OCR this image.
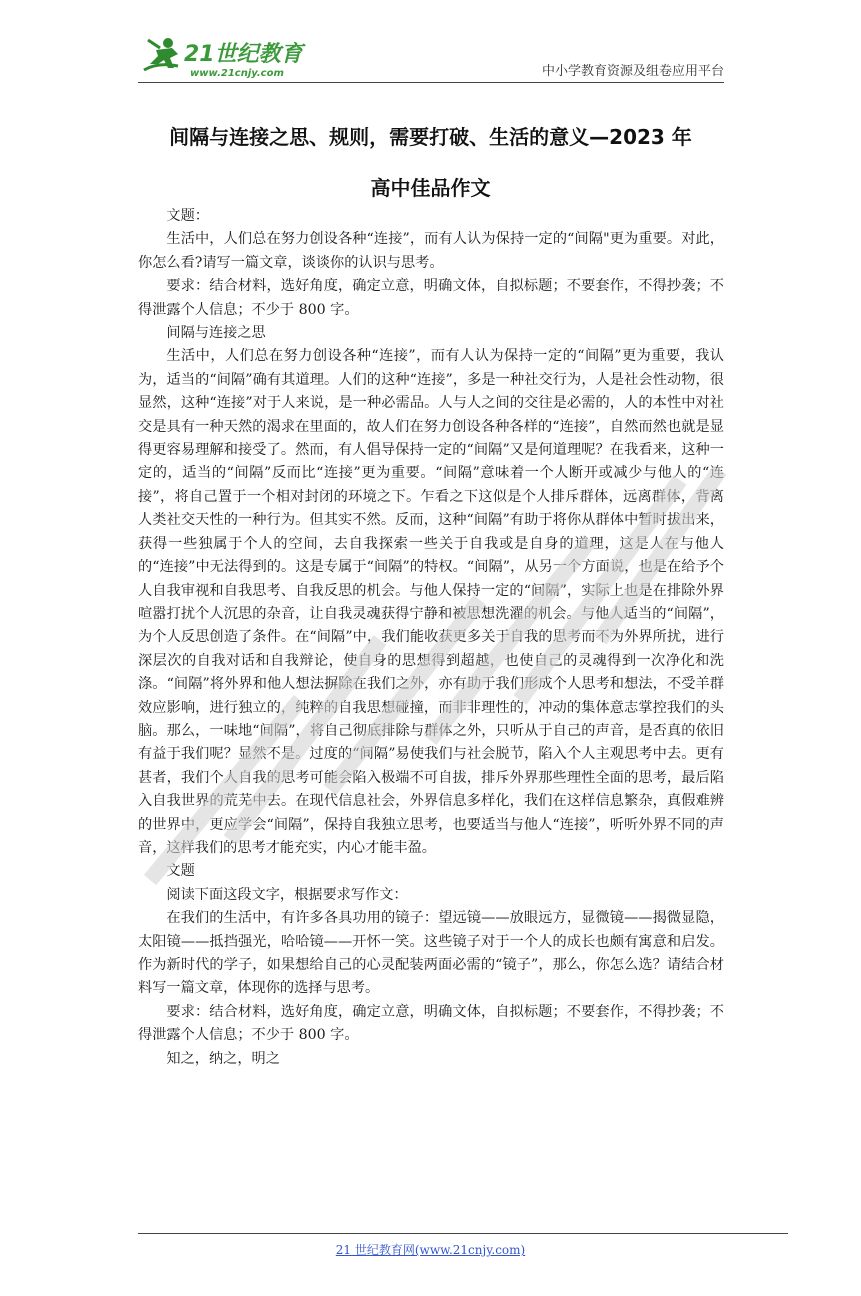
21世纪教育
www.21cnjy.com	中小学教育资源及组卷应用平台
间隔与连接之思、规则，需要打破、生活的意义—2023 年
高中佳品作文

文题：

生活中，人们总在努力创设各种“连接”，而有人认为保持一定的“间隔"更为重要。对此，你怎么看?请写一篇文章，谈谈你的认识与思考。

要求：结合材料，选好角度，确定立意，明确文体，自拟标题；不要套作，不得抄袭；不得泄露个人信息；不少于 800 字。

间隔与连接之思

生活中，人们总在努力创设各种“连接”，而有人认为保持一定的“间隔”更为重要，我认为，适当的“间隔”确有其道理。人们的这种“连接”，多是一种社交行为，人是社会性动物，很显然，这种“连接”对于人来说，是一种必需品。人与人之间的交往是必需的，人的本性中对社交是具有一种天然的渴求在里面的，故人们在努力创设各种各样的“连接”，自然而然也就是显得更容易理解和接受了。然而，有人倡导保持一定的“间隔”又是何道理呢？在我看来，这种一定的，适当的“间隔”反而比“连接”更为重要。“间隔”意味着一个人断开或减少与他人的“连接”，将自己置于一个相对封闭的环境之下。乍看之下这似是个人排斥群体，远离群体，背离人类社交天性的一种行为。但其实不然。反而，这种“间隔”有助于将你从群体中暂时拔出来，获得一些独属于个人的空间，去自我探索一些关于自我或是自身的道理，这是人在与他人的“连接”中无法得到的。这是专属于“间隔”的特权。“间隔”，从另一个方面说，也是在给予个人自我审视和自我思考、自我反思的机会。与他人保持一定的“间隔”，实际上也是在排除外界喧嚣打扰个人沉思的杂音，让自我灵魂获得宁静和被思想洗濯的机会。与他人适当的“间隔”，为个人反思创造了条件。在“间隔”中，我们能收获更多关于自我的思考而不为外界所扰，进行深层次的自我对话和自我辩论，使自身的思想得到超越，也使自己的灵魂得到一次净化和洗涤。“间隔”将外界和他人想法摒除在我们之外，亦有助于我们形成个人思考和想法，不受羊群效应影响，进行独立的，纯粹的自我思想碰撞，而非非理性的，冲动的集体意志掌控我们的头脑。那么，一味地“间隔”，将自己彻底排除与群体之外，只听从于自己的声音，是否真的依旧有益于我们呢？显然不是。过度的“间隔”易使我们与社会脱节，陷入个人主观思考中去。更有甚者，我们个人自我的思考可能会陷入极端不可自拔，排斥外界那些理性全面的思考，最后陷入自我世界的荒芜中去。在现代信息社会，外界信息多样化，我们在这样信息繁杂，真假难辨的世界中，更应学会“间隔”，保持自我独立思考，也要适当与他人“连接”，听听外界不同的声音，这样我们的思考才能充实，内心才能丰盈。

文题

阅读下面这段文字，根据要求写作文：

在我们的生活中，有许多各具功用的镜子：望远镜——放眼远方，显微镜——揭微显隐，太阳镜——抵挡强光，哈哈镜——开怀一笑。这些镜子对于一个人的成长也颇有寓意和启发。作为新时代的学子，如果想给自己的心灵配装两面必需的“镜子”，那么，你怎么选？请结合材料写一篇文章，体现你的选择与思考。

要求：结合材料，选好角度，确定立意，明确文体，自拟标题；不要套作，不得抄袭；不得泄露个人信息；不少于 800 字。

知之，纳之，明之

21 世纪教育网(www.21cnjy.com)
